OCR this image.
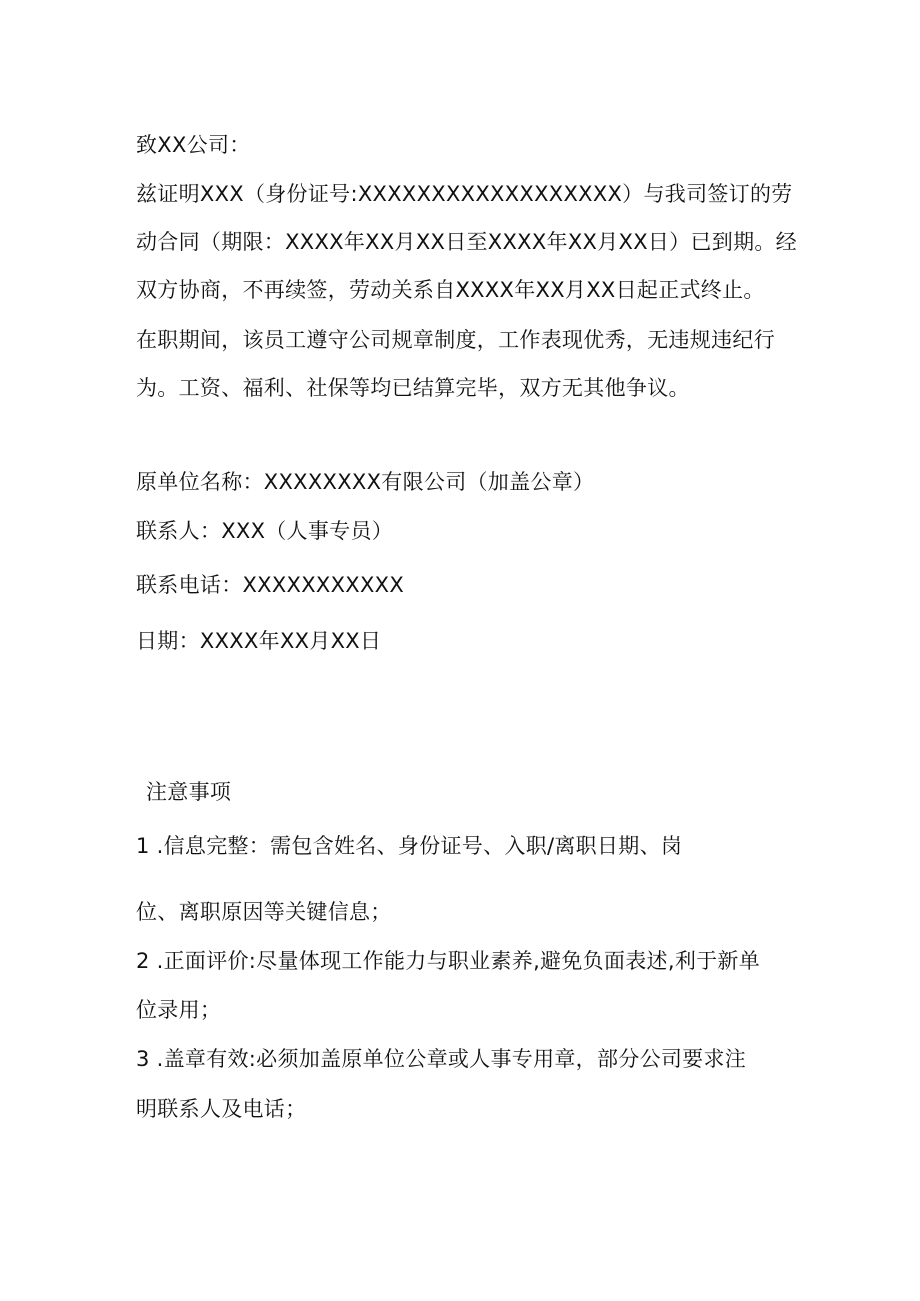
致XX公司：
兹证明XXX（身份证号:XXXXXXXXXXXXXXXXXX）与我司签订的劳
动合同（期限：XXXX年XX月XX日至XXXX年XX月XX日）已到期。经
双方协商，不再续签，劳动关系自XXXX年XX月XX日起正式终止。
在职期间，该员工遵守公司规章制度，工作表现优秀，无违规违纪行
为。工资、福利、社保等均已结算完毕，双方无其他争议。
原单位名称：XXXXXXXX有限公司（加盖公章）
联系人：XXX（人事专员）
联系电话：XXXXXXXXXXX
日期：XXXX年XX月XX日
注意事项
1 .信息完整：需包含姓名、身份证号、入职/离职日期、岗
位、离职原因等关键信息；
2 .正面评价:尽量体现工作能力与职业素养,避免负面表述,利于新单
位录用；
3 .盖章有效:必须加盖原单位公章或人事专用章，部分公司要求注
明联系人及电话；
